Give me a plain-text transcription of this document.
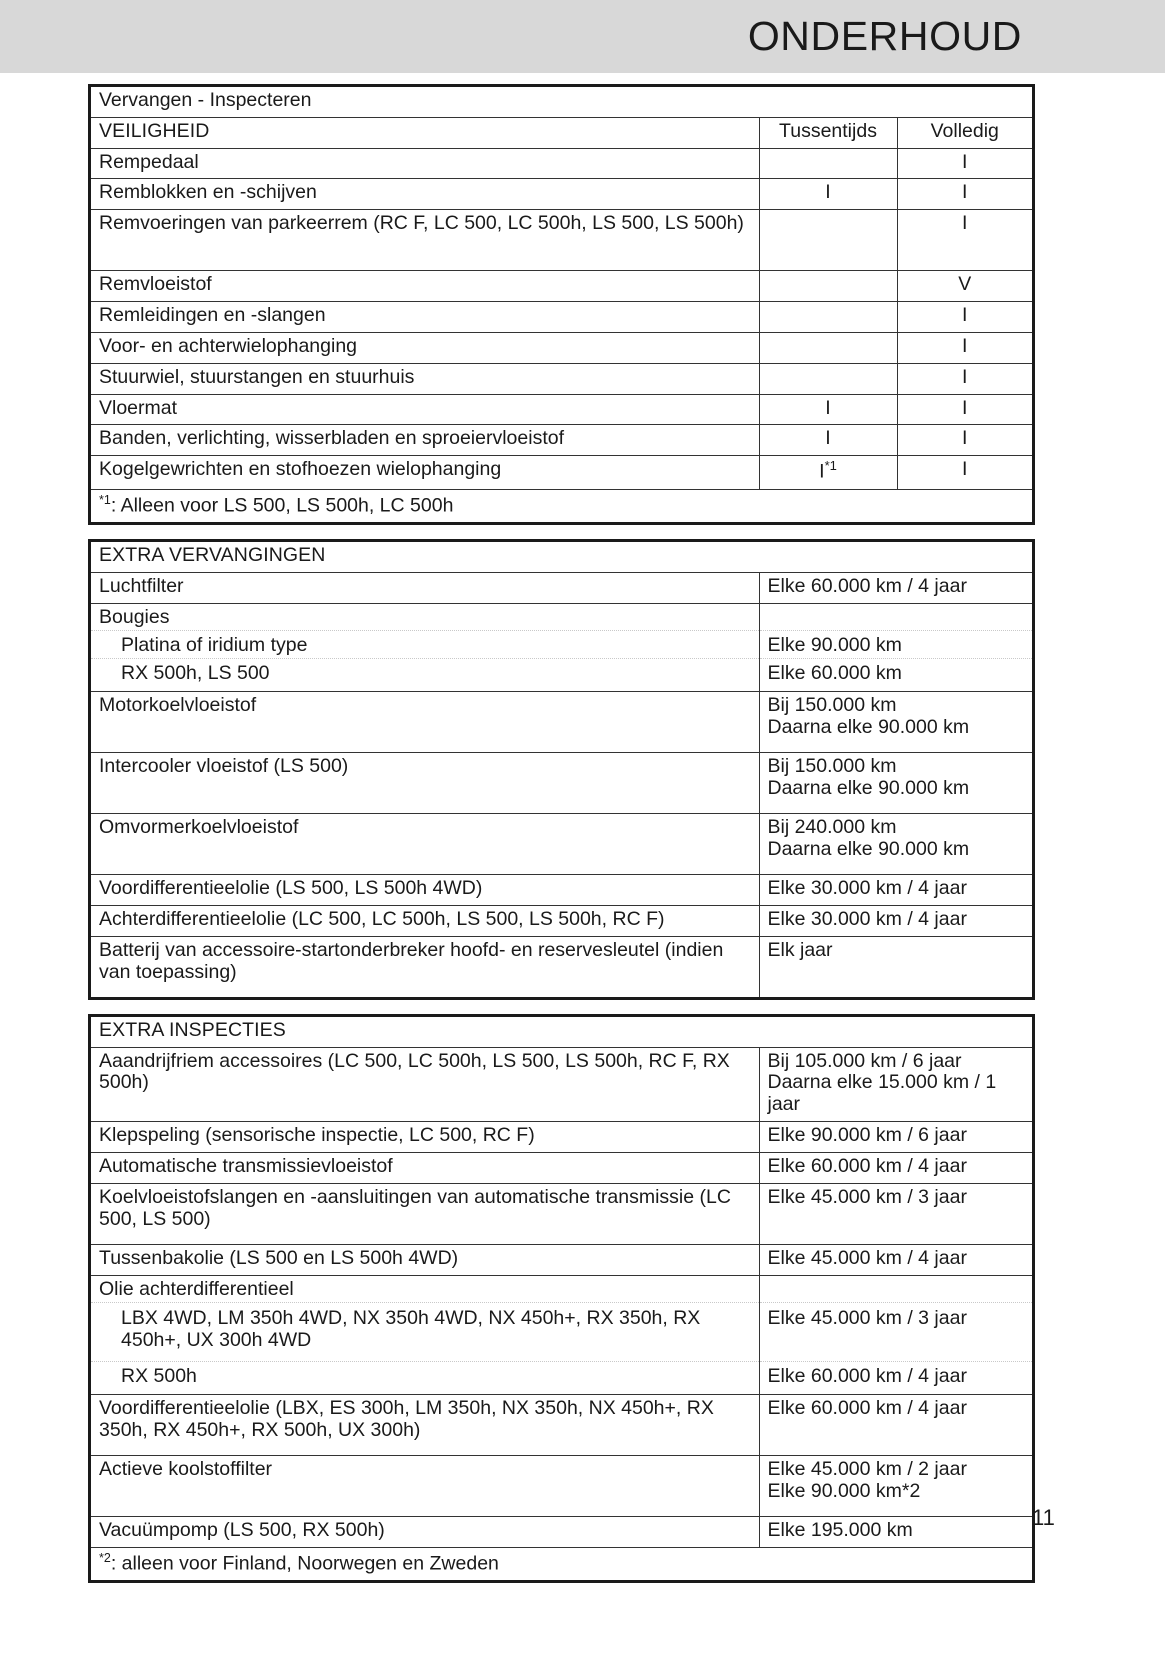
ONDERHOUD
Vervangen - Inspecteren		
VEILIGHEID	Tussentijds	Volledig
Rempedaal		I
Remblokken en -schijven	I	I
Remvoeringen van parkeerrem (RC F, LC 500, LC 500h, LS 500, LS 500h)		I
Remvloeistof		V
Remleidingen en -slangen		I
Voor- en achterwielophanging		I
Stuurwiel, stuurstangen en stuurhuis		I
Vloermat	I	I
Banden, verlichting, wisserbladen en sproeiervloeistof	I	I
Kogelgewrichten en stofhoezen wielophanging	$I^{*1}$	I
$^{*1}$: Alleen voor LS 500, LS 500h, LC 500h		
EXTRA VERVANGINGEN	
Luchtfilter	Elke 60.000 km / 4 jaar
Bougies	

Platina of iridium type	Elke 90.000 km

RX 500h, LS 500	Elke 60.000 km
Motorkoelvloeistof	Bij 150.000 km
Daarna elke 90.000 km

Intercooler vloeistof (LS 500)	Bij 150.000 km
Daarna elke 90.000 km

Omvormerkoelvloeistof	Bij 240.000 km
Daarna elke 90.000 km

Voordifferentieelolie (LS 500, LS 500h 4WD)	Elke 30.000 km / 4 jaar
Achterdifferentieelolie (LC 500, LC 500h, LS 500, LS 500h, RC F)	Elke 30.000 km / 4 jaar
Batterij van accessoire-startonderbreker hoofd- en reservesleutel (indien van toepassing)	Elk jaar
EXTRA INSPECTIES	
Aaandrijfriem accessoires (LC 500, LC 500h, LS 500, LS 500h, RC F, RX 500h)	Bij 105.000 km / 6 jaar
Daarna elke 15.000 km / 1 jaar

Klepspeling (sensorische inspectie, LC 500, RC F)	Elke 90.000 km / 6 jaar
Automatische transmissievloeistof	Elke 60.000 km / 4 jaar
Koelvloeistofslangen en -aansluitingen van automatische transmissie (LC 500, LS 500)	Elke 45.000 km / 3 jaar
Tussenbakolie (LS 500 en LS 500h 4WD)	Elke 45.000 km / 4 jaar
Olie achterdifferentieel	

LBX 4WD, LM 350h 4WD, NX 350h 4WD, NX 450h+, RX 350h, RX 450h+, UX 300h 4WD	Elke 45.000 km / 3 jaar

RX 500h	Elke 60.000 km / 4 jaar
Voordifferentieelolie (LBX, ES 300h, LM 350h, NX 350h, NX 450h+, RX 350h, RX 450h+, RX 500h, UX 300h)	Elke 60.000 km / 4 jaar
Actieve koolstoffilter	Elke 45.000 km / 2 jaar
Elke 90.000 km*2

Vacuümpomp (LS 500, RX 500h)	Elke 195.000 km
$^{*2}$: alleen voor Finland, Noorwegen en Zweden	
11
